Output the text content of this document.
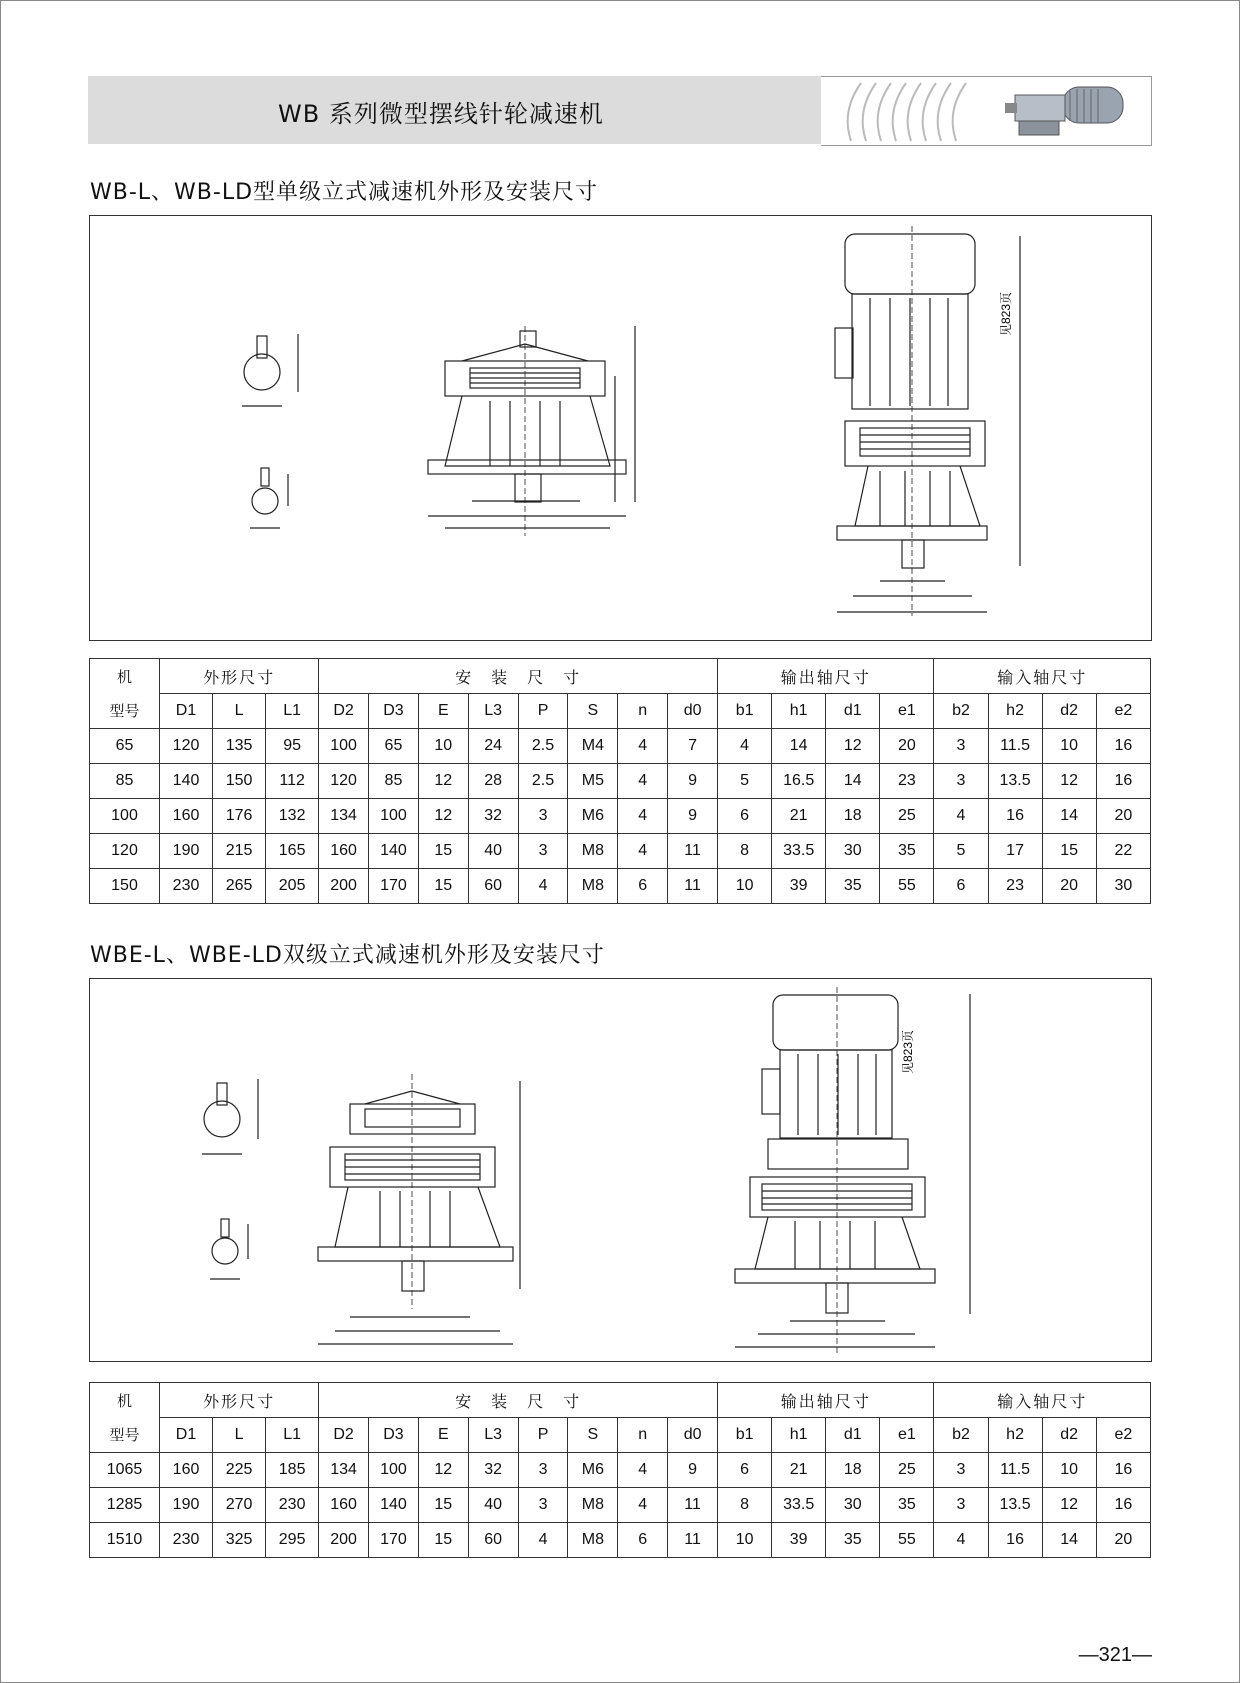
WB 系列微型摆线针轮减速机
WB-L、WB-LD型单级立式减速机外形及安装尺寸
见823页
机	外形尺寸			安　装　尺　寸								输出轴尺寸				输入轴尺寸			
型号	D1	L	L1	D2	D3	E	L3	P	S	n	d0	b1	h1	d1	e1	b2	h2	d2	e2
65	120	135	95	100	65	10	24	2.5	M4	4	7	4	14	12	20	3	11.5	10	16
85	140	150	112	120	85	12	28	2.5	M5	4	9	5	16.5	14	23	3	13.5	12	16
100	160	176	132	134	100	12	32	3	M6	4	9	6	21	18	25	4	16	14	20
120	190	215	165	160	140	15	40	3	M8	4	11	8	33.5	30	35	5	17	15	22
150	230	265	205	200	170	15	60	4	M8	6	11	10	39	35	55	6	23	20	30
WBE-L、WBE-LD双级立式减速机外形及安装尺寸
见823页
机	外形尺寸			安　装　尺　寸								输出轴尺寸				输入轴尺寸			
型号	D1	L	L1	D2	D3	E	L3	P	S	n	d0	b1	h1	d1	e1	b2	h2	d2	e2
1065	160	225	185	134	100	12	32	3	M6	4	9	6	21	18	25	3	11.5	10	16
1285	190	270	230	160	140	15	40	3	M8	4	11	8	33.5	30	35	3	13.5	12	16
1510	230	325	295	200	170	15	60	4	M8	6	11	10	39	35	55	4	16	14	20
—321—
